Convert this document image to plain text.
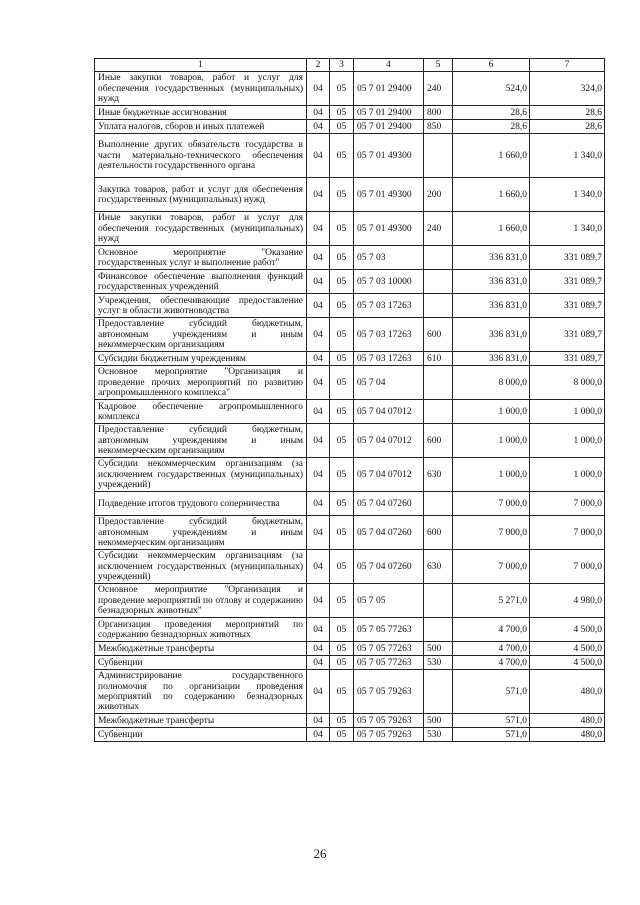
1	2	3	4	5	6	7
Иные закупки товаров, работ и услуг для обеспечения государственных (муниципальных) нужд	04	05	05 7 01 29400	240	524,0	324,0
Иные бюджетные ассигнования	04	05	05 7 01 29400	800	28,6	28,6
Уплата налогов, сборов и иных платежей	04	05	05 7 01 29400	850	28,6	28,6
Выполнение других обязательств государства в части материально-технического обеспечения деятельности государственного органа	04	05	05 7 01 49300		1 660,0	1 340,0
Закупка товаров, работ и услуг для обеспечения государственных (муниципальных) нужд	04	05	05 7 01 49300	200	1 660,0	1 340,0
Иные закупки товаров, работ и услуг для обеспечения государственных (муниципальных) нужд	04	05	05 7 01 49300	240	1 660,0	1 340,0
Основное мероприятие "Оказание государственных услуг и выполнение работ"	04	05	05 7 03		336 831,0	331 089,7
Финансовое обеспечение выполнения функций государственных учреждений	04	05	05 7 03 10000		336 831,0	331 089,7
Учреждения, обеспечивающие предоставление услуг в области животноводства	04	05	05 7 03 17263		336 831,0	331 089,7
Предоставление субсидий бюджетным, автономным учреждениям и иным некоммерческим организациям	04	05	05 7 03 17263	600	336 831,0	331 089,7
Субсидии бюджетным учреждениям	04	05	05 7 03 17263	610	336 831,0	331 089,7
Основное мероприятие "Организация и проведение прочих мероприятий по развитию агропромышленного комплекса"	04	05	05 7 04		8 000,0	8 000,0
Кадровое обеспечение агропромышленного комплекса	04	05	05 7 04 07012		1 000,0	1 000,0
Предоставление субсидий бюджетным, автономным учреждениям и иным некоммерческим организациям	04	05	05 7 04 07012	600	1 000,0	1 000,0
Субсидии некоммерческим организациям (за исключением государственных (муниципальных) учреждений)	04	05	05 7 04 07012	630	1 000,0	1 000,0
Подведение итогов трудового соперничества	04	05	05 7 04 07260		7 000,0	7 000,0
Предоставление субсидий бюджетным, автономным учреждениям и иным некоммерческим организациям	04	05	05 7 04 07260	600	7 000,0	7 000,0
Субсидии некоммерческим организациям (за исключением государственных (муниципальных) учреждений)	04	05	05 7 04 07260	630	7 000,0	7 000,0
Основное мероприятие "Организация и проведение мероприятий по отлову и содержанию безнадзорных животных"	04	05	05 7 05		5 271,0	4 980,0
Организация проведения мероприятий по содержанию безнадзорных животных	04	05	05 7 05 77263		4 700,0	4 500,0
Межбюджетные трансферты	04	05	05 7 05 77263	500	4 700,0	4 500,0
Субвенции	04	05	05 7 05 77263	530	4 700,0	4 500,0
Администрирование государственного полномочия по организации проведения мероприятий по содержанию безнадзорных животных	04	05	05 7 05 79263		571,0	480,0
Межбюджетные трансферты	04	05	05 7 05 79263	500	571,0	480,0
Субвенции	04	05	05 7 05 79263	530	571,0	480,0
26
